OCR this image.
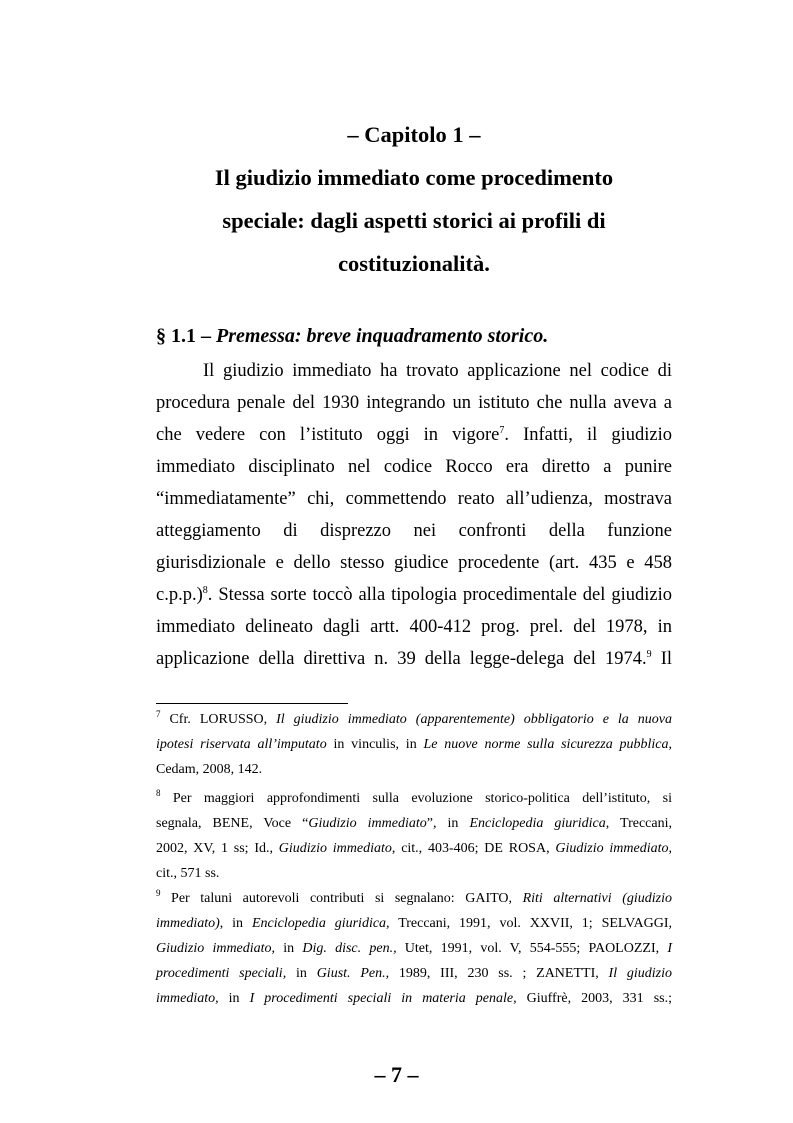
– Capitolo 1 –
Il giudizio immediato come procedimento
speciale: dagli aspetti storici ai profili di
costituzionalità.
§ 1.1 – Premessa: breve inquadramento storico.
Il giudizio immediato ha trovato applicazione nel codice di
procedura penale del 1930 integrando un istituto che nulla aveva a
che vedere con l’istituto oggi in vigore$^7$. Infatti, il giudizio
immediato disciplinato nel codice Rocco era diretto a punire
“immediatamente” chi, commettendo reato all’udienza, mostrava
atteggiamento di disprezzo nei confronti della funzione
giurisdizionale e dello stesso giudice procedente (art. 435 e 458
c.p.p.)$^8$. Stessa sorte toccò alla tipologia procedimentale del giudizio
immediato delineato dagli artt. 400-412 prog. prel. del 1978, in
applicazione della direttiva n. 39 della legge-delega del 1974.$^9$ Il
$^7$ Cfr. LORUSSO, Il giudizio immediato (apparentemente) obbligatorio e la nuova
ipotesi riservata all’imputato in vinculis, in Le nuove norme sulla sicurezza pubblica,
Cedam, 2008, 142.
$^8$ Per maggiori approfondimenti sulla evoluzione storico-politica dell’istituto, si
segnala, BENE, Voce “Giudizio immediato”, in Enciclopedia giuridica, Treccani,
2002, XV, 1 ss; Id., Giudizio immediato, cit., 403-406; DE ROSA, Giudizio immediato,
cit., 571 ss.
$^9$ Per taluni autorevoli contributi si segnalano: GAITO, Riti alternativi (giudizio
immediato), in Enciclopedia giuridica, Treccani, 1991, vol. XXVII, 1; SELVAGGI,
Giudizio immediato, in Dig. disc. pen., Utet, 1991, vol. V, 554-555; PAOLOZZI, I
procedimenti speciali, in Giust. Pen., 1989, III, 230 ss. ; ZANETTI, Il giudizio
immediato, in I procedimenti speciali in materia penale, Giuffrè, 2003, 331 ss.;
– 7 –
